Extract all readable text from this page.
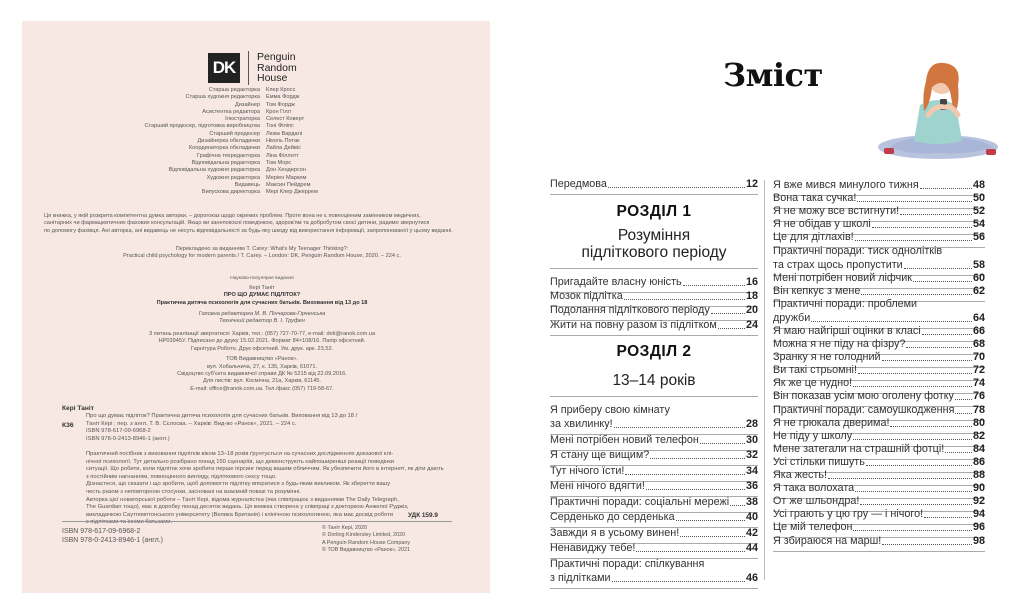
DK
Penguin
Random
House
Старша редакторка	Клер Кросс
Старша художня редакторка	Емма Фордж
Дизайнер	Том Фордж
Асистентка редактора	Крон Гілл
Ілюстраторка	Селест Коверт
Старший продюсер, підготовка виробництва	Тоні Філіпс
Старший продюсер	Люва Вардалі
Дизайнерка обкладинки	Ніколь Потак
Координаторка обкладинки	Лайла Дейвіс
Графічна техредакторка	Ліна Філлотт
Відповідальна редакторка	Том Морс
Відповідальна художня редакторка	Дон Хендерсон
Художня редакторка	Меріен Маркем
Видавець	Максин Пейдрем
Випускова директорка	Мері Клер Джеррем
Ця книжка, у якій розкрита компетентна думка авторки, – дорогоказ щодо окремих проблем. Проте вона не є повноцінним замінником медичних,
санітарних чи фармацевтичних фахових консультацій. Якщо ви занепокоєні поведінкою, здоров'ям та добробутом своєї дитини, радимо звернутися
по допомогу фахівця. Ані авторка, ані видавець не несуть відповідальності за будь-яку шкоду від використання інформації, запропонованої у цьому виданні.
Перекладено за виданням T. Carey: What's My Teenager Thinking?:
Practical child psychology for modern parents / T. Carey. – London: DK, Penguin Random House, 2020. – 224 c.
Науково-популярне видання
Кері Таніт
ПРО ЩО ДУМАЄ ПІДЛІТОК?
Практична дитяча психологія для сучасних батьків. Виховання від 13 до 18
Головна редакторка М. В. Пінчарова-Гірченська
Технічний редактор В. І. Труфен
З питань реалізації звертатися: Харків, тел.: (057) 727-70-77, e-mail: deti@ranok.com.ua
НР03945У. Підписано до друку 15.02.2021. Формат 84×108/16. Папір офсетний.
Гарнітура Робото. Друк офсетний. Ум. друк. арк. 23,52.
ТОВ Видавництво «Ранок».
вул. Хобальчича, 27, к. 135, Харків, 61071.
Свідоцтво суб'єкта видавничої справи ДК № 5215 від 22.09.2016.
Для листів: вул. Космічна, 21а, Харків, 61145.
E-mail: office@ranok.com.ua. Тел./факс (057) 719-58-67.
Кері Таніт
К36
Про що думає підліток? Практична дитяча психологія для сучасних батьків. Виховання від 13 до 18 /
Таніт Кері ; пер. з англ. Т. В. Сєлосва. – Харків: Вид-во «Ранок», 2021. – 224 с.
ISBN 978-617-09-6968-2
ISBN 978-0-2413-8946-1 (англ.)

Практичний посібник з виховання підлітків віком 13–18 років ґрунтується на сучасних дослідженнях доказової клі-
нічної психології. Тут детально розібрано понад 150 сценаріїв, що демонструють найпоширеніші реакції поведінки
ситуації. Що робити, коли підліток хоче зробити перше пірсинг перед вашим обличчям. Як убезпечити його в інтернеті, як діти дають
з постійним нагнанням, повноцінного вигляду, підліткового сексу тощо.
Дізнаєтеся, що сказати і що зробити, щоб допомогти підлітку впоратися з будь-яким викликом. Як зберегти вашу
честь разом з неповторною стосунки, засновані на взаємній повазі та розумінні.
Авторка цієї новаторської роботи – Таніт Кері, відома журналістка (яка співпрацює з виданнями The Daily Telegraph,
The Guardian тощо), має в доробку понад десяток видань. Ця книжка створена у співпраці з докторкою Анжелої Руджіз,
викладачкою Саутгемптонського університету (Велика Британія) і клінічною психологинею, яка має досвід роботи
з підлітками та їхніми батьками.
УДК 159.9
ISBN 978-617-09-6968-2
ISBN 978-0-2413-8946-1 (англ.)
© Таніт Кері, 2020
© Dorling Kindersley Limited, 2020
A Penguin Random House Company
© ТОВ Видавництво «Ранок», 2021
Зміст
Передмова	12
РОЗДІЛ 1
Розуміння
підліткового періоду
Пригадайте власну юність	16
Мозок підлітка	18
Подолання підліткового періоду	20
Жити на повну разом із підлітком	24
РОЗДІЛ 2
13–14 років
Я приберу свою кімнату
за хвилинку!	28
Мені потрібен новий телефон	30
Я стану ще вищим?	32
Тут нічого їсти!	34
Мені нічого вдягти!	36
Практичні поради: соціальні мережі 38
Серденько до серденька	40
Завжди я в усьому винен!	42
Ненавиджу тебе!	44
Практичні поради: спілкування
з підлітками	46
Я вже мився минулого тижня	48
Вона така сучка!	50
Я не можу все встигнути!	52
Я не обідав у школі	54
Це для дітлахів!	56
Практичні поради: тиск однолітків
та страх щось пропустити	58
Мені потрібен новий ліфчик	60
Він кепкує з мене	62
Практичні поради: проблеми
дружби	64
Я маю найгірші оцінки в класі	66
Можна я не піду на фізру?	68
Зранку я не голодний	70
Ви такі стрьомні!	72
Як же це нудно!	74
Він показав усім мою оголену фотку 76
Практичні поради: самоушкодження 78
Я не грюкала дверима!	80
Не піду у школу	82
Мене затегали на страшній фотці!	84
Усі стільки пишуть	86
Яка жесть!	88
Я така волохата	90
От же шльондра!	92
Усі грають у цю гру — і нічого!	94
Це мій телефон	96
Я збираюся на марш!	98
